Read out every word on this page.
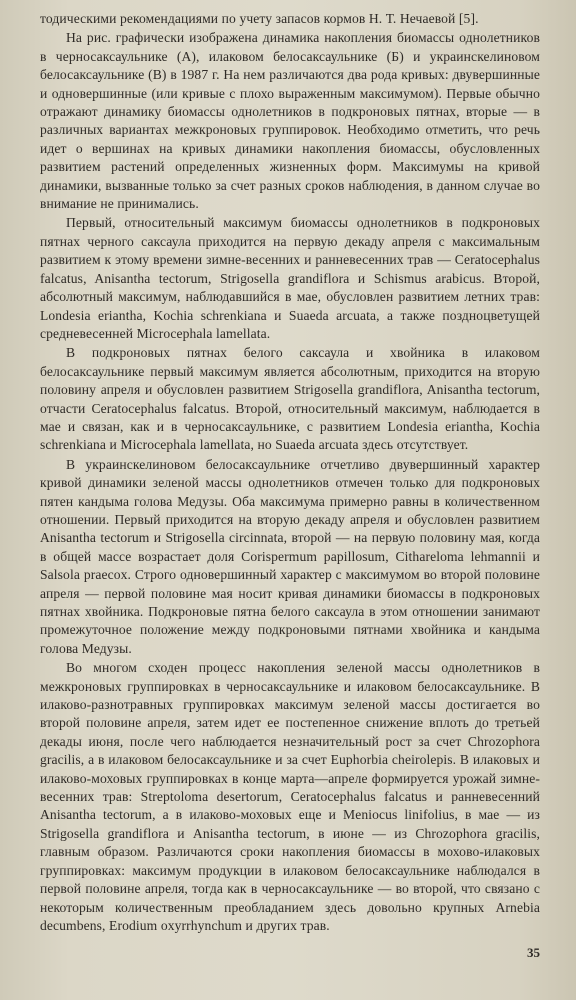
тодическими рекомендациями по учету запасов кормов Н. Т. Нечаевой [5].

На рис. графически изображена динамика накопления биомассы однолетников в черносаксаульнике (А), илаковом белосаксаульнике (Б) и украинскелиновом белосаксаульнике (В) в 1987 г. На нем различаются два рода кривых: двувершинные и одновершинные (или кривые с плохо выраженным максимумом). Первые обычно отражают динамику биомассы однолетников в подкроновых пятнах, вторые — в различных вариантах межкроновых группировок. Необходимо отметить, что речь идет о вершинах на кривых динамики накопления биомассы, обусловленных развитием растений определенных жизненных форм. Максимумы на кривой динамики, вызванные только за счет разных сроков наблюдения, в данном случае во внимание не принимались.

Первый, относительный максимум биомассы однолетников в подкроновых пятнах черного саксаула приходится на первую декаду апреля с максимальным развитием к этому времени зимне-весенних и ранневесенних трав — Ceratocephalus falcatus, Anisantha tectorum, Strigosella grandiflora и Schismus arabicus. Второй, абсолютный максимум, наблюдавшийся в мае, обусловлен развитием летних трав: Londesia eriantha, Kochia schrenkiana и Suaeda arcuata, а также поздноцветущей средневесенней Microcephala lamellata.

В подкроновых пятнах белого саксаула и хвойника в илаковом белосаксаульнике первый максимум является абсолютным, приходится на вторую половину апреля и обусловлен развитием Strigosella grandiflora, Anisantha tectorum, отчасти Ceratocephalus falcatus. Второй, относительный максимум, наблюдается в мае и связан, как и в черносаксаульнике, с развитием Londesia eriantha, Kochia schrenkiana и Microcephala lamellata, но Suaeda arcuata здесь отсутствует.

В украинскелиновом белосаксаульнике отчетливо двувершинный характер кривой динамики зеленой массы однолетников отмечен только для подкроновых пятен кандыма голова Медузы. Оба максимума примерно равны в количественном отношении. Первый приходится на вторую декаду апреля и обусловлен развитием Anisantha tectorum и Strigosella circinnata, второй — на первую половину мая, когда в общей массе возрастает доля Corispermum papillosum, Cithareloma lehmannii и Salsola praecox. Строго одновершинный характер с максимумом во второй половине апреля — первой половине мая носит кривая динамики биомассы в подкроновых пятнах хвойника. Подкроновые пятна белого саксаула в этом отношении занимают промежуточное положение между подкроновыми пятнами хвойника и кандыма голова Медузы.

Во многом сходен процесс накопления зеленой массы однолетников в межкроновых группировках в черносаксаульнике и илаковом белосаксаульнике. В илаково-разнотравных группировках максимум зеленой массы достигается во второй половине апреля, затем идет ее постепенное снижение вплоть до третьей декады июня, после чего наблюдается незначительный рост за счет Chrozophora gracilis, а в илаковом белосаксаульнике и за счет Euphorbia cheirolepis. В илаковых и илаково-моховых группировках в конце марта—апреле формируется урожай зимне-весенних трав: Streptoloma desertorum, Ceratocephalus falcatus и ранневесенний Anisantha tectorum, а в илаково-моховых еще и Meniocus linifolius, в мае — из Strigosella grandiflora и Anisantha tectorum, в июне — из Chrozophora gracilis, главным образом. Различаются сроки накопления биомассы в мохово-илаковых группировках: максимум продукции в илаковом белосаксаульнике наблюдался в первой половине апреля, тогда как в черносаксаульнике — во второй, что связано с некоторым количественным преобладанием здесь довольно крупных Arnebia decumbens, Erodium oxyrrhynchum и других трав.

35
